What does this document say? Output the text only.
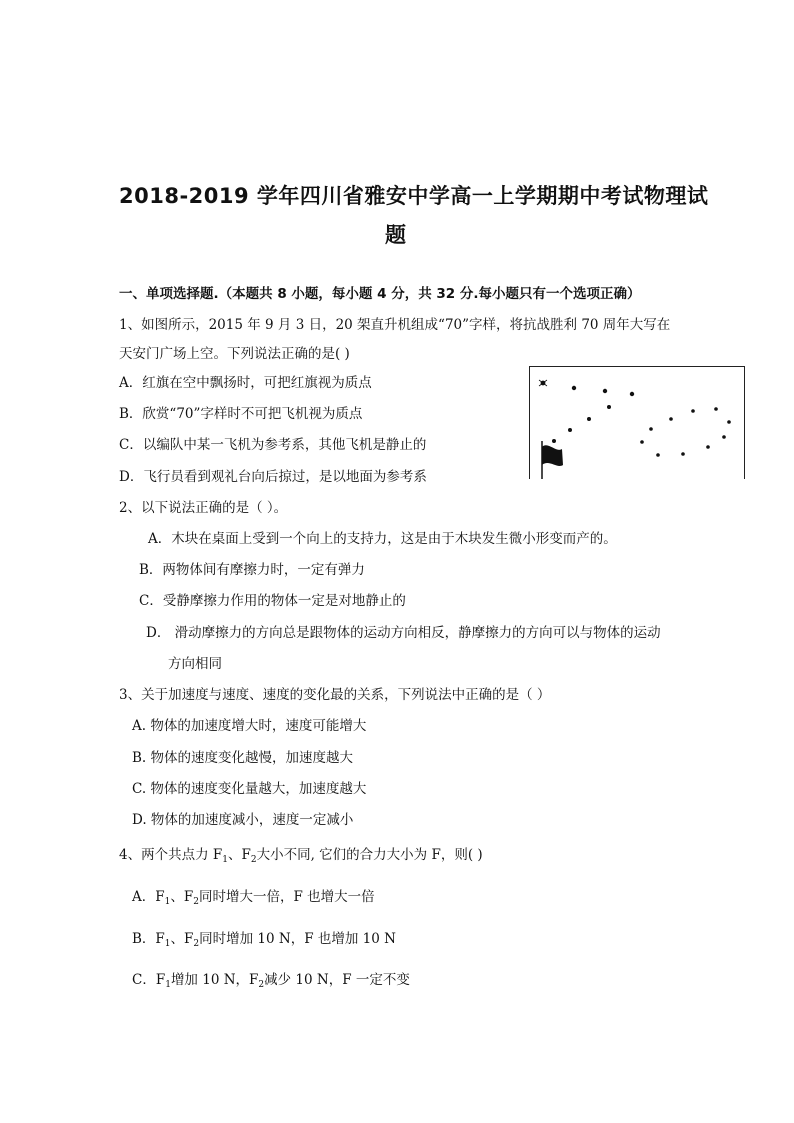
2018-2019 学年四川省雅安中学高一上学期期中考试物理试
题
一、单项选择题.（本题共 8 小题，每小题 4 分，共 32 分.每小题只有一个选项正确）
1、如图所示，2015 年 9 月 3 日，20 架直升机组成“70”字样，将抗战胜利 70 周年大写在
天安门广场上空。下列说法正确的是( )
A．红旗在空中飘扬时，可把红旗视为质点
B．欣赏“70”字样时不可把飞机视为质点
C．以编队中某一飞机为参考系，其他飞机是静止的
D．飞行员看到观礼台向后掠过，是以地面为参考系
2、以下说法正确的是（ ）。
A．木块在桌面上受到一个向上的支持力，这是由于木块发生微小形变而产的。
B．两物体间有摩擦力时，一定有弹力
C．受静摩擦力作用的物体一定是对地静止的
D． 滑动摩擦力的方向总是跟物体的运动方向相反，静摩擦力的方向可以与物体的运动
方向相同
3、关于加速度与速度、速度的变化最的关系，下列说法中正确的是（ ）
A. 物体的加速度增大时，速度可能增大
B. 物体的速度变化越慢，加速度越大
C. 物体的速度变化量越大，加速度越大
D. 物体的加速度减小，速度一定减小
4、两个共点力 $F_1$、$F_2$大小不同, 它们的合力大小为 F，则( )
A．$F_1$、$F_2$同时增大一倍，F 也增大一倍
B．$F_1$、$F_2$同时增加 10 N，F 也增加 10 N
C．$F_1$增加 10 N，$F_2$减少 10 N，F 一定不变
